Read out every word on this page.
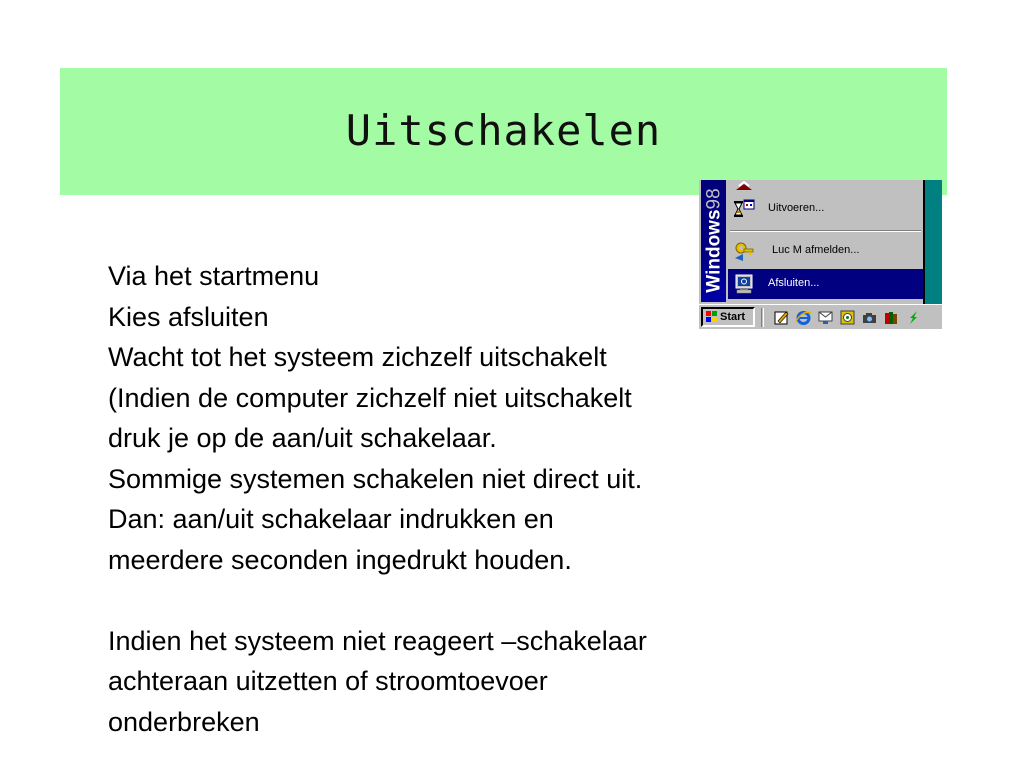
Uitschakelen
Windows98	Uitvoeren...
Luc M afmelden...
Afsluiten...
Start
Via het startmenu
Kies afsluiten
Wacht tot het systeem zichzelf uitschakelt
(Indien de computer zichzelf niet uitschakelt
druk je op de aan/uit schakelaar.
Sommige systemen schakelen niet direct uit.
Dan: aan/uit schakelaar indrukken en
meerdere seconden ingedrukt houden.
Indien het systeem niet reageert –schakelaar
achteraan uitzetten of stroomtoevoer
onderbreken
